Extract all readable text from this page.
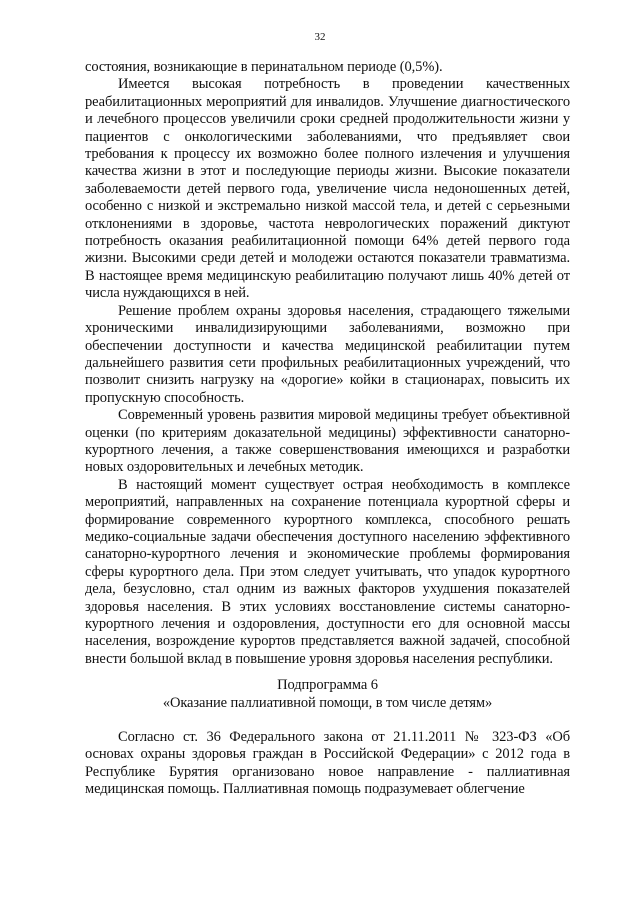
32

состояния, возникающие в перинатальном периоде (0,5%).

Имеется высокая потребность в проведении качественных реабилитационных мероприятий для инвалидов. Улучшение диагностического и лечебного процессов увеличили сроки средней продолжительности жизни у пациентов с онкологическими заболеваниями, что предъявляет свои требования к процессу их возможно более полного излечения и улучшения качества жизни в этот и последующие периоды жизни. Высокие показатели заболеваемости детей первого года, увеличение числа недоношенных детей, особенно с низкой и экстремально низкой массой тела, и детей с серьезными отклонениями в здоровье, частота неврологических поражений диктуют потребность оказания реабилитационной помощи 64% детей первого года жизни. Высокими среди детей и молодежи остаются показатели травматизма. В настоящее время медицинскую реабилитацию получают лишь 40% детей от числа нуждающихся в ней.

Решение проблем охраны здоровья населения, страдающего тяжелыми хроническими инвалидизирующими заболеваниями, возможно при обеспечении доступности и качества медицинской реабилитации путем дальнейшего развития сети профильных реабилитационных учреждений, что позволит снизить нагрузку на «дорогие» койки в стационарах, повысить их пропускную способность.

Современный уровень развития мировой медицины требует объективной оценки (по критериям доказательной медицины) эффективности санаторно-курортного лечения, а также совершенствования имеющихся и разработки новых оздоровительных и лечебных методик.

В настоящий момент существует острая необходимость в комплексе мероприятий, направленных на сохранение потенциала курортной сферы и формирование современного курортного комплекса, способного решать медико-социальные задачи обеспечения доступного населению эффективного санаторно-курортного лечения и экономические проблемы формирования сферы курортного дела. При этом следует учитывать, что упадок курортного дела, безусловно, стал одним из важных факторов ухудшения показателей здоровья населения. В этих условиях восстановление системы санаторно-курортного лечения и оздоровления, доступности его для основной массы населения, возрождение курортов представляется важной задачей, способной внести большой вклад в повышение уровня здоровья населения республики.

Подпрограмма 6

«Оказание паллиативной помощи, в том числе детям»

Согласно ст. 36 Федерального закона от 21.11.2011 № 323-ФЗ «Об основах охраны здоровья граждан в Российской Федерации» с 2012 года в Республике Бурятия организовано новое направление - паллиативная медицинская помощь. Паллиативная помощь подразумевает облегчение
